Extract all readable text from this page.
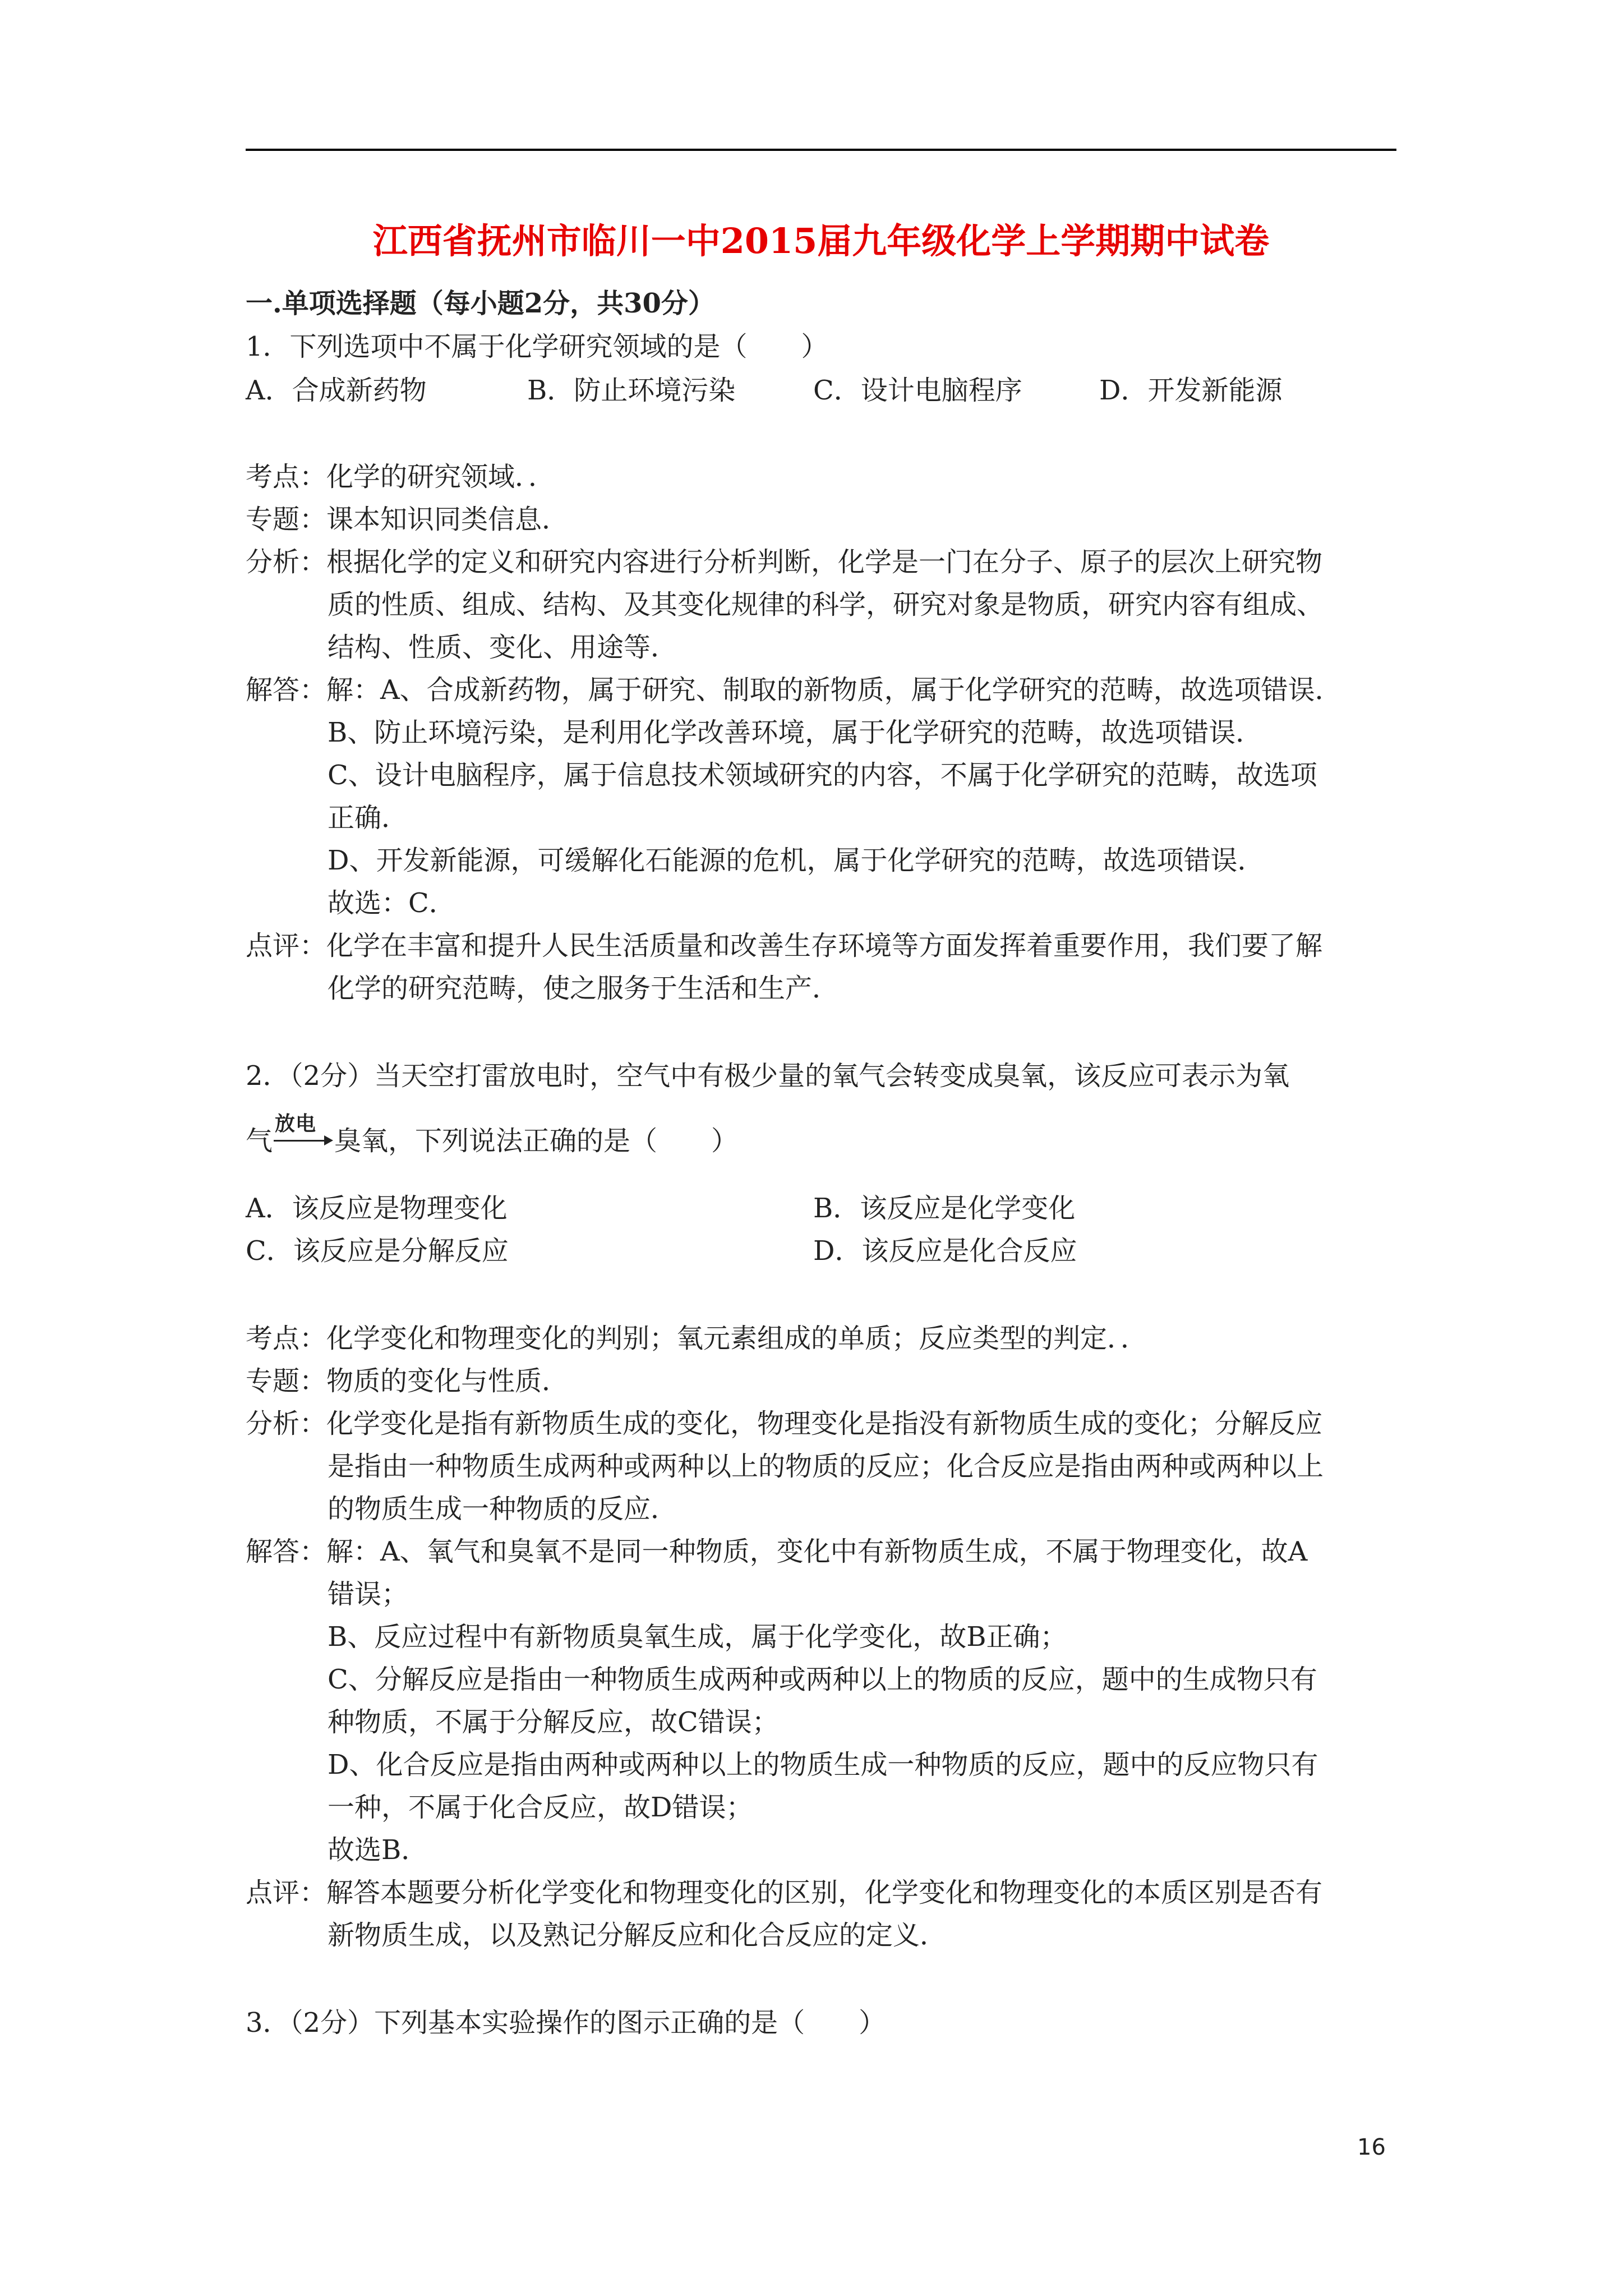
江西省抚州市临川一中2015届九年级化学上学期期中试卷
一.单项选择题（每小题2分，共30分）
1．下列选项中不属于化学研究领域的是（　　）
A．合成新药物	B．防止环境污染	C．设计电脑程序	D．开发新能源
考点：化学的研究领域．．
专题：课本知识同类信息．
分析：根据化学的定义和研究内容进行分析判断，化学是一门在分子、原子的层次上研究物
质的性质、组成、结构、及其变化规律的科学，研究对象是物质，研究内容有组成、
结构、性质、变化、用途等．
解答：解：A、合成新药物，属于研究、制取的新物质，属于化学研究的范畴，故选项错误．
B、防止环境污染，是利用化学改善环境，属于化学研究的范畴，故选项错误．
C、设计电脑程序，属于信息技术领域研究的内容，不属于化学研究的范畴，故选项
正确．
D、开发新能源，可缓解化石能源的危机，属于化学研究的范畴，故选项错误．
故选：C．
点评：化学在丰富和提升人民生活质量和改善生存环境等方面发挥着重要作用，我们要了解
化学的研究范畴，使之服务于生活和生产．
2．（2分）当天空打雷放电时，空气中有极少量的氧气会转变成臭氧，该反应可表示为氧
气
放电
臭氧，下列说法正确的是（　　）
A．该反应是物理变化	B．该反应是化学变化
C．该反应是分解反应	D．该反应是化合反应
考点：化学变化和物理变化的判别；氧元素组成的单质；反应类型的判定．．
专题：物质的变化与性质．
分析：化学变化是指有新物质生成的变化，物理变化是指没有新物质生成的变化；分解反应
是指由一种物质生成两种或两种以上的物质的反应；化合反应是指由两种或两种以上
的物质生成一种物质的反应．
解答：解：A、氧气和臭氧不是同一种物质，变化中有新物质生成，不属于物理变化，故A
错误；
B、反应过程中有新物质臭氧生成，属于化学变化，故B正确；
C、分解反应是指由一种物质生成两种或两种以上的物质的反应，题中的生成物只有
种物质，不属于分解反应，故C错误；
D、化合反应是指由两种或两种以上的物质生成一种物质的反应，题中的反应物只有
一种，不属于化合反应，故D错误；
故选B．
点评：解答本题要分析化学变化和物理变化的区别，化学变化和物理变化的本质区别是否有
新物质生成，以及熟记分解反应和化合反应的定义．
3．（2分）下列基本实验操作的图示正确的是（　　）
16
